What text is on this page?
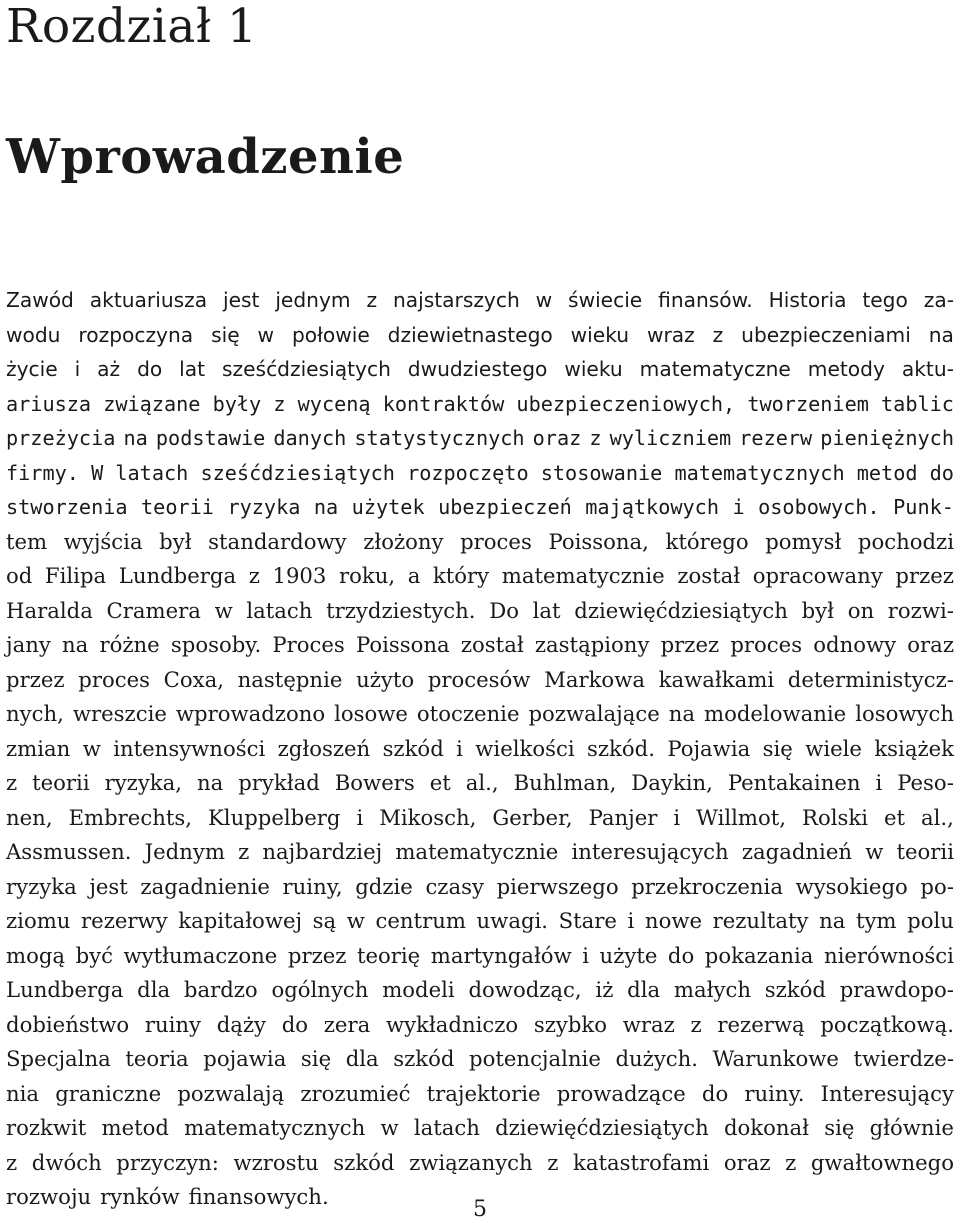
Rozdział 1
Wprowadzenie
Zawód aktuariusza jest jednym z najstarszych w świecie finansów. Historia tego za-
wodu rozpoczyna się w połowie dziewietnastego wieku wraz z ubezpieczeniami na
życie i aż do lat sześćdziesiątych dwudziestego wieku matematyczne metody aktu-
ariusza związane były z wyceną kontraktów ubezpieczeniowych, tworzeniem tablic
przeżycia na podstawie danych statystycznych oraz z wyliczniem rezerw pieniężnych
firmy. W latach sześćdziesiątych rozpoczęto stosowanie matematycznych metod do
stworzenia teorii ryzyka na użytek ubezpieczeń majątkowych i osobowych. Punk-
tem wyjścia był standardowy złożony proces Poissona, którego pomysł pochodzi
od Filipa Lundberga z 1903 roku, a który matematycznie został opracowany przez
Haralda Cramera w latach trzydziestych. Do lat dziewięćdziesiątych był on rozwi-
jany na różne sposoby. Proces Poissona został zastąpiony przez proces odnowy oraz
przez proces Coxa, następnie użyto procesów Markowa kawałkami deterministycz-
nych, wreszcie wprowadzono losowe otoczenie pozwalające na modelowanie losowych
zmian w intensywności zgłoszeń szkód i wielkości szkód. Pojawia się wiele książek
z teorii ryzyka, na prykład Bowers et al., Buhlman, Daykin, Pentakainen i Peso-
nen, Embrechts, Kluppelberg i Mikosch, Gerber, Panjer i Willmot, Rolski et al.,
Assmussen. Jednym z najbardziej matematycznie interesujących zagadnień w teorii
ryzyka jest zagadnienie ruiny, gdzie czasy pierwszego przekroczenia wysokiego po-
ziomu rezerwy kapitałowej są w centrum uwagi. Stare i nowe rezultaty na tym polu
mogą być wytłumaczone przez teorię martyngałów i użyte do pokazania nierówności
Lundberga dla bardzo ogólnych modeli dowodząc, iż dla małych szkód prawdopo-
dobieństwo ruiny dąży do zera wykładniczo szybko wraz z rezerwą początkową.
Specjalna teoria pojawia się dla szkód potencjalnie dużych. Warunkowe twierdze-
nia graniczne pozwalają zrozumieć trajektorie prowadzące do ruiny. Interesujący
rozkwit metod matematycznych w latach dziewięćdziesiątych dokonał się głównie
z dwóch przyczyn: wzrostu szkód związanych z katastrofami oraz z gwałtownego
rozwoju rynków finansowych.
5
